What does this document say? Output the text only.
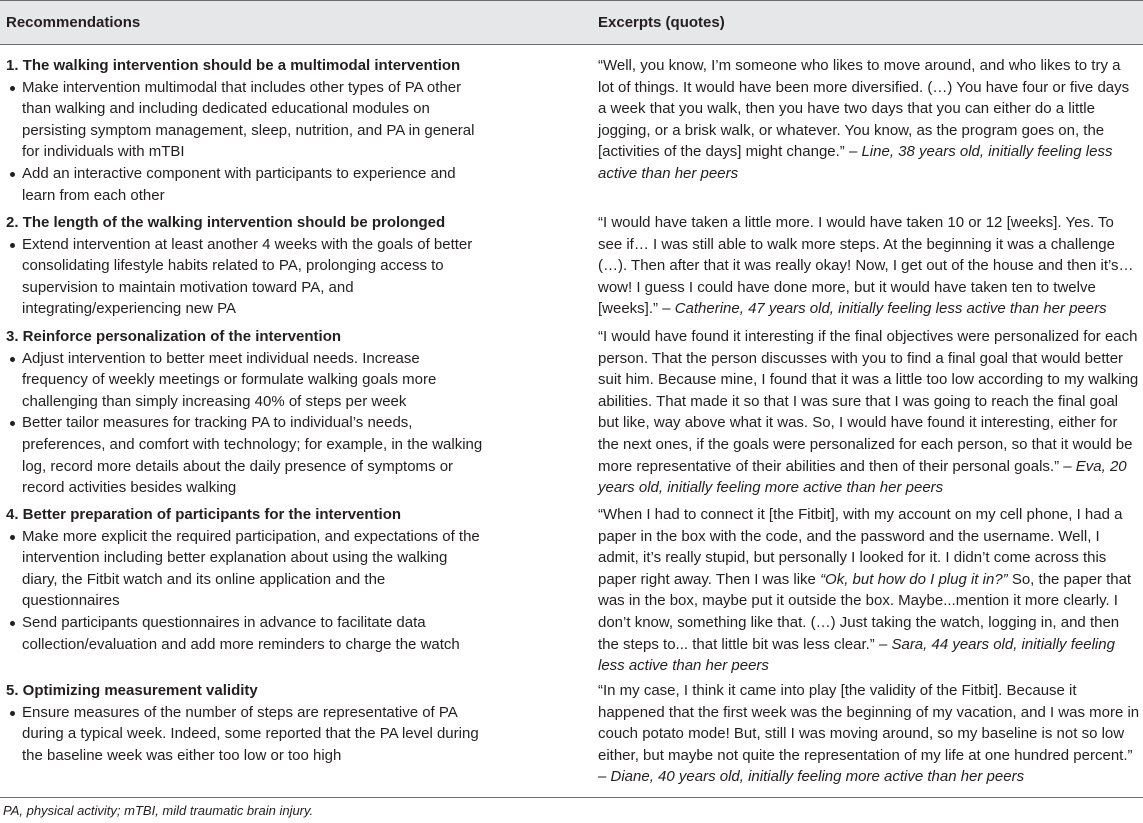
Recommendations	Excerpts (quotes)

1. The walking intervention should be a multimodal intervention

Make intervention multimodal that includes other types of PA other than walking and including dedicated educational modules on persisting symptom management, sleep, nutrition, and PA in general for individuals with mTBI
Add an interactive component with participants to experience and learn from each other

“Well, you know, I’m someone who likes to move around, and who likes to try a lot of things. It would have been more diversified. (…) You have four or five days a week that you walk, then you have two days that you can either do a little jogging, or a brisk walk, or whatever. You know, as the program goes on, the [activities of the days] might change.” – Line, 38 years old, initially feeling less active than her peers

2. The length of the walking intervention should be prolonged

Extend intervention at least another 4 weeks with the goals of better consolidating lifestyle habits related to PA, prolonging access to supervision to maintain motivation toward PA, and integrating/experiencing new PA

“I would have taken a little more. I would have taken 10 or 12 [weeks]. Yes. To see if… I was still able to walk more steps. At the beginning it was a challenge (…). Then after that it was really okay! Now, I get out of the house and then it’s… wow! I guess I could have done more, but it would have taken ten to twelve [weeks].” – Catherine, 47 years old, initially feeling less active than her peers

3. Reinforce personalization of the intervention

Adjust intervention to better meet individual needs. Increase frequency of weekly meetings or formulate walking goals more challenging than simply increasing 40% of steps per week
Better tailor measures for tracking PA to individual’s needs, preferences, and comfort with technology; for example, in the walking log, record more details about the daily presence of symptoms or record activities besides walking

“I would have found it interesting if the final objectives were personalized for each person. That the person discusses with you to find a final goal that would better suit him. Because mine, I found that it was a little too low according to my walking abilities. That made it so that I was sure that I was going to reach the final goal but like, way above what it was. So, I would have found it interesting, either for the next ones, if the goals were personalized for each person, so that it would be more representative of their abilities and then of their personal goals.” – Eva, 20 years old, initially feeling more active than her peers

4. Better preparation of participants for the intervention

Make more explicit the required participation, and expectations of the intervention including better explanation about using the walking diary, the Fitbit watch and its online application and the questionnaires
Send participants questionnaires in advance to facilitate data collection/evaluation and add more reminders to charge the watch

“When I had to connect it [the Fitbit], with my account on my cell phone, I had a paper in the box with the code, and the password and the username. Well, I admit, it’s really stupid, but personally I looked for it. I didn’t come across this paper right away. Then I was like “Ok, but how do I plug it in?” So, the paper that was in the box, maybe put it outside the box. Maybe...mention it more clearly. I don’t know, something like that. (…) Just taking the watch, logging in, and then the steps to... that little bit was less clear.” – Sara, 44 years old, initially feeling less active than her peers

5. Optimizing measurement validity

Ensure measures of the number of steps are representative of PA during a typical week. Indeed, some reported that the PA level during the baseline week was either too low or too high

“In my case, I think it came into play [the validity of the Fitbit]. Because it happened that the first week was the beginning of my vacation, and I was more in couch potato mode! But, still I was moving around, so my baseline is not so low either, but maybe not quite the representation of my life at one hundred percent.” – Diane, 40 years old, initially feeling more active than her peers

PA, physical activity; mTBI, mild traumatic brain injury.
